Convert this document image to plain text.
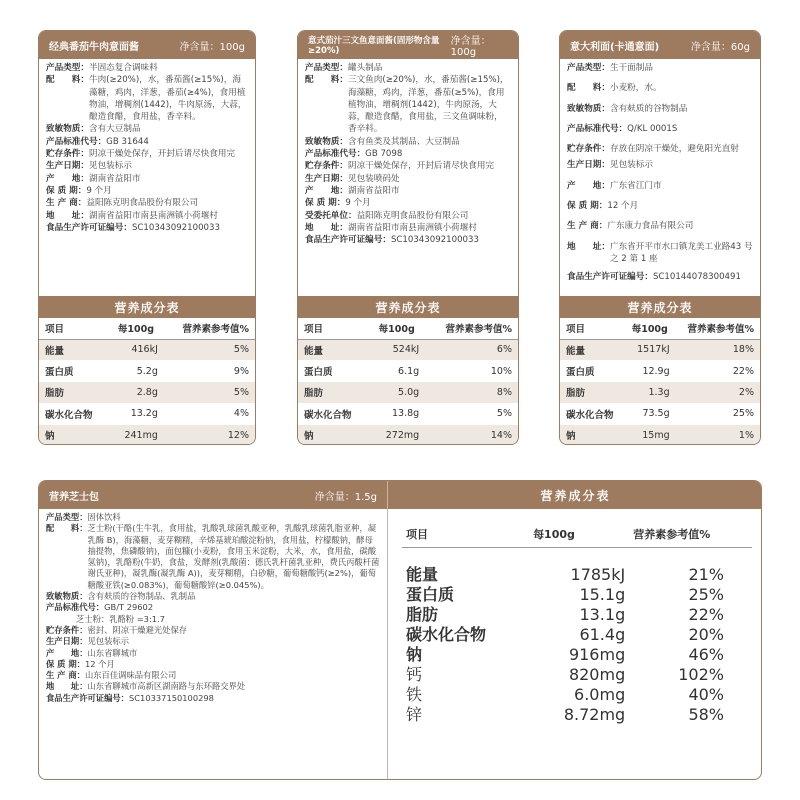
经典番茄牛肉意面酱	净含量：100g
产品类型： 半固态复合调味料
配　　料： 牛肉(≥20%)，水，番茄酱(≥15%)，海藻糖，鸡肉，洋葱，番茄(≥4%)，食用植物油，增稠剂(1442)，牛肉原汤，大蒜，酿造食醋，食用盐，香辛料。
致敏物质： 含有大豆制品
产品标准代号： GB 31644
贮存条件： 阴凉干燥处保存，开封后请尽快食用完
生产日期： 见包装标示
产　　地： 湖南省益阳市
保 质 期： 9 个月
生 产 商： 益阳陈克明食品股份有限公司
地　　址： 湖南省益阳市南县南洲镇小荷堰村
食品生产许可证编号： SC10343092100033
营养成分表
项目	每100g	营养素参考值%
能量	416kJ	5%
蛋白质	5.2g	9%
脂肪	2.8g	5%
碳水化合物	13.2g	4%
钠	241mg	12%
意式茄汁三文鱼意面酱(固形物含量≥20%)
净含量：100g
产品类型： 罐头制品
配　　料： 三文鱼肉(≥20%)，水，番茄酱(≥15%)，海藻糖，鸡肉，洋葱，番茄(≥5%)，食用植物油，增稠剂(1442)，牛肉原汤，大蒜，酿造食醋，食用盐，三文鱼调味粉，香辛料。
致敏物质： 含有鱼类及其制品、大豆制品
产品标准代号： GB 7098
贮存条件： 阴凉干燥处保存，开封后请尽快食用完
生产日期： 见包装喷码处
产　　地： 湖南省益阳市
保 质 期： 9 个月
受委托单位： 益阳陈克明食品股份有限公司
地　　址： 湖南省益阳市南县南洲镇小荷堰村
食品生产许可证编号： SC10343092100033
营养成分表
项目	每100g	营养素参考值%
能量	524kJ	6%
蛋白质	6.1g	10%
脂肪	5.0g	8%
碳水化合物	13.8g	5%
钠	272mg	14%
意大利面(卡通意面)	净含量：60g
产品类型： 生干面制品
配　　料： 小麦粉，水。
致敏物质： 含有麸质的谷物制品
产品标准代号： Q/KL 0001S
贮存条件： 存放在阴凉干燥处，避免阳光直射
生产日期： 见包装标示
产　　地： 广东省江门市
保 质 期： 12 个月
生 产 商： 广东康力食品有限公司
地　　址： 广东省开平市水口镇龙美工业路43 号之 2 第 1 座
食品生产许可证编号： SC10144078300491
营养成分表
项目	每100g	营养素参考值%
能量	1517kJ	18%
蛋白质	12.9g	22%
脂肪	1.3g	2%
碳水化合物	73.5g	25%
钠	15mg	1%
营养芝士包	净含量：1.5g
产品类型： 固体饮料
配　　料： 芝士粉(干酪(生牛乳，食用盐，乳酸乳球菌乳酸亚种，乳酸乳球菌乳脂亚种，凝乳酶 B)，海藻糖，麦芽糊精，辛烯基琥珀酸淀粉钠，食用盐，柠檬酸钠，酵母抽提物，焦磷酸钠)，面包糠(小麦粉，食用玉米淀粉，大米，水，食用盐，碳酸氢钠)，乳酪粉(牛奶，食盐，发酵剂(乳酸菌：德氏乳杆菌乳亚种，费氏丙酸杆菌谢氏亚种)，凝乳酶(凝乳酶 A))，麦芽糊精，白砂糖，葡萄糖酸钙(≥2%)，葡萄糖酸亚铁(≥0.083%)，葡萄糖酸锌(≥0.045%)。
致敏物质： 含有麸质的谷物制品、乳制品
产品标准代号： GB/T 29602
芝士粉：乳酪粉 =3:1.7
贮存条件： 密封、阴凉干燥避光处保存
生产日期： 见包装标示
产　　地： 山东省聊城市
保 质 期： 12 个月
生 产 商： 山东百佳调味品有限公司
地　　址： 山东省聊城市高新区湖南路与东环路交界处
食品生产许可证编号： SC10337150100298
营养成分表
项目	每100g	营养素参考值%

能量	1785kJ	21%
蛋白质	15.1g	25%
脂肪	13.1g	22%
碳水化合物	61.4g	20%
钠	916mg	46%
钙	820mg	102%
铁	6.0mg	40%
锌	8.72mg	58%
